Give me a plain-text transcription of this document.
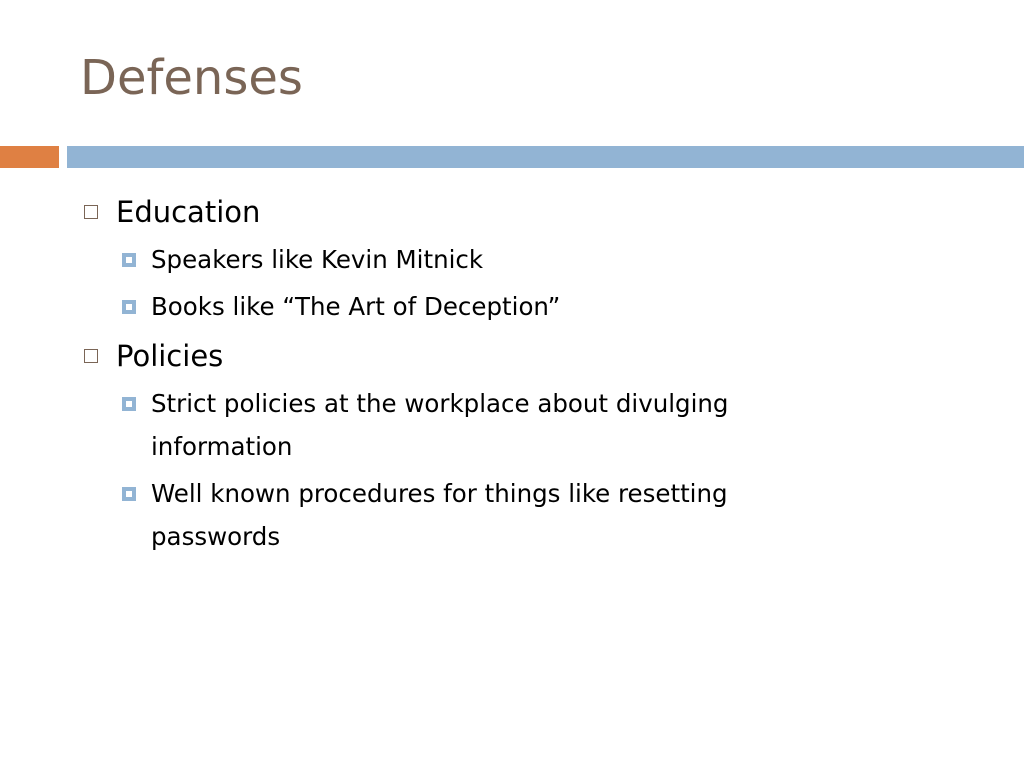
Defenses
Education
Speakers like Kevin Mitnick
Books like “The Art of Deception”
Policies
Strict policies at the workplace about divulging information
Well known procedures for things like resetting passwords
